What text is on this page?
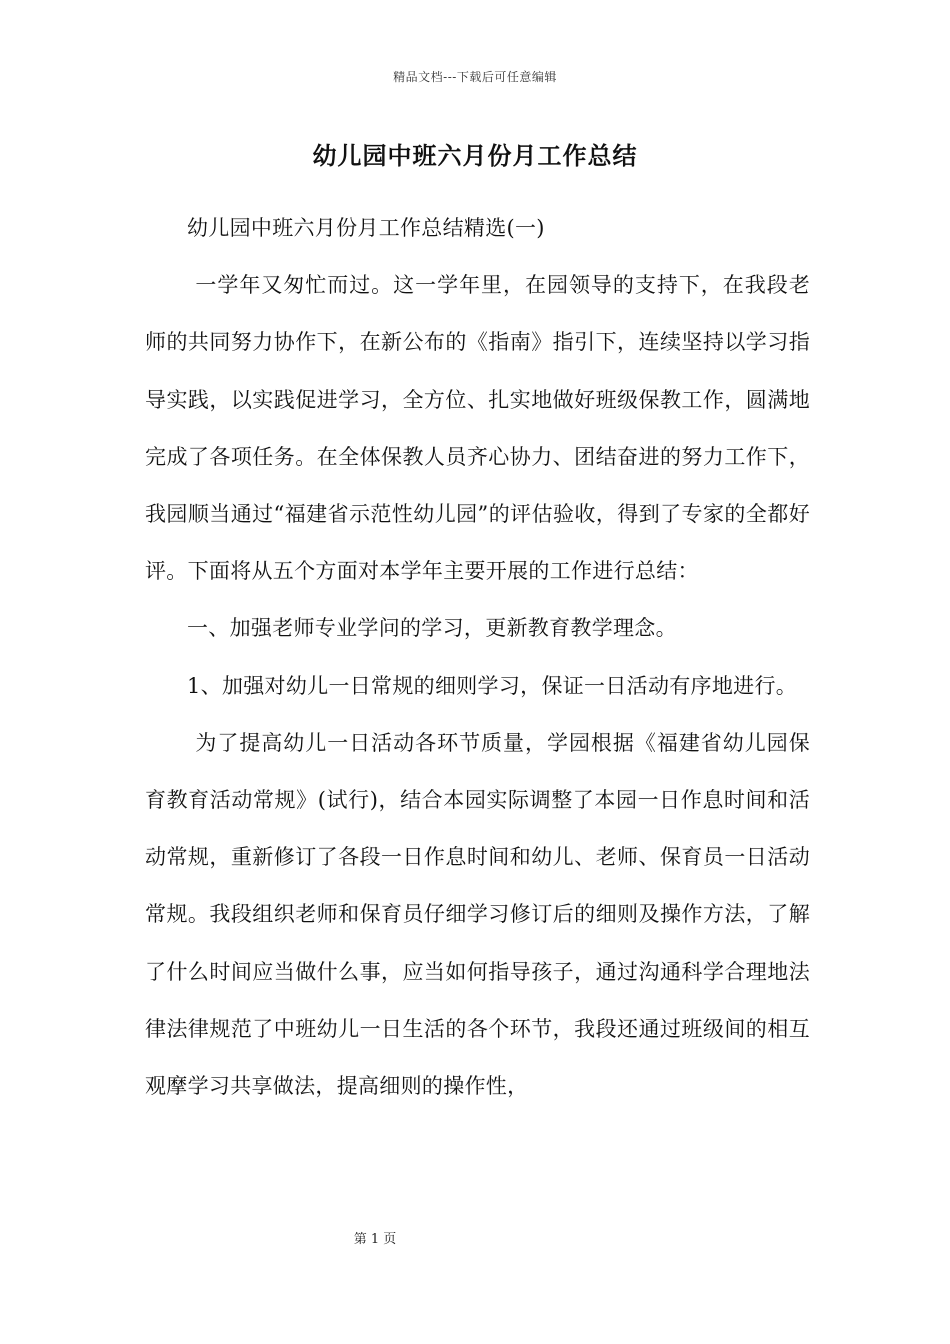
精品文档---下载后可任意编辑
幼儿园中班六月份月工作总结

幼儿园中班六月份月工作总结精选(一)

一学年又匆忙而过。这一学年里，在园领导的支持下，在我段老师的共同努力协作下，在新公布的《指南》指引下，连续坚持以学习指导实践，以实践促进学习，全方位、扎实地做好班级保教工作，圆满地完成了各项任务。在全体保教人员齐心协力、团结奋进的努力工作下，我园顺当通过“福建省示范性幼儿园”的评估验收，得到了专家的全都好评。下面将从五个方面对本学年主要开展的工作进行总结：

一、加强老师专业学问的学习，更新教育教学理念。

1、加强对幼儿一日常规的细则学习，保证一日活动有序地进行。

为了提高幼儿一日活动各环节质量，学园根据《福建省幼儿园保育教育活动常规》(试行)，结合本园实际调整了本园一日作息时间和活动常规，重新修订了各段一日作息时间和幼儿、老师、保育员一日活动常规。我段组织老师和保育员仔细学习修订后的细则及操作方法，了解了什么时间应当做什么事，应当如何指导孩子，通过沟通科学合理地法律法律规范了中班幼儿一日生活的各个环节，我段还通过班级间的相互观摩学习共享做法，提高细则的操作性，

第 1 页
